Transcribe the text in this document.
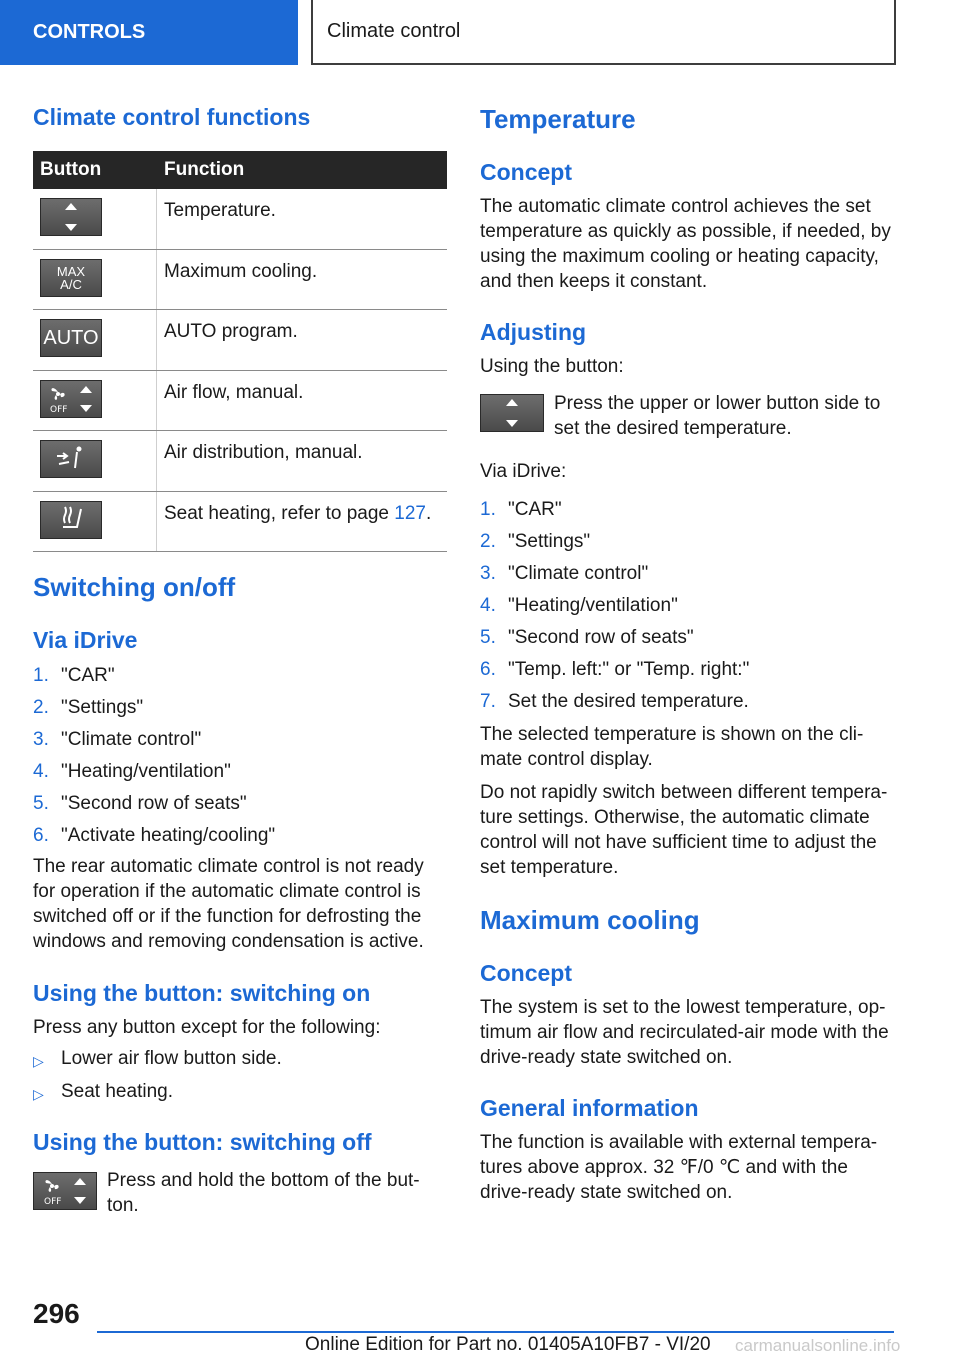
CONTROLS	Climate control
Climate control functions
Button	Function
Temperature.
MAX
A/C
Maximum cooling.
AUTO	AUTO program.
OFF
Air flow, manual.
Air distribution, manual.
Seat heating, refer to page 127.
Switching on/off
Via iDrive
1. "CAR"
2. "Settings"
3. "Climate control"
4. "Heating/ventilation"
5. "Second row of seats"
6. "Activate heating/cooling"

The rear automatic climate control is not ready for operation if the automatic climate control is switched off or if the function for defrosting the windows and removing condensation is active.

Using the button: switching on

Press any button except for the following:

▷ Lower air flow button side.
▷ Seat heating.
Using the button: switching off
OFF

Press and hold the bottom of the but-ton.

Temperature
Concept

The automatic climate control achieves the set temperature as quickly as possible, if needed, by using the maximum cooling or heating capacity, and then keeps it constant.

Adjusting

Using the button:

Press the upper or lower button side to set the desired temperature.

Via iDrive:

1. "CAR"
2. "Settings"
3. "Climate control"
4. "Heating/ventilation"
5. "Second row of seats"
6. "Temp. left:" or "Temp. right:"
7. Set the desired temperature.

The selected temperature is shown on the cli-mate control display.

Do not rapidly switch between different tempera-ture settings. Otherwise, the automatic climate control will not have sufficient time to adjust the set temperature.

Maximum cooling
Concept

The system is set to the lowest temperature, op-timum air flow and recirculated-air mode with the drive-ready state switched on.

General information

The function is available with external tempera-tures above approx. 32 ℉/0 ℃ and with the drive-ready state switched on.

296
Online Edition for Part no. 01405A10FB7 - VI/20 carmanualsonline.info
